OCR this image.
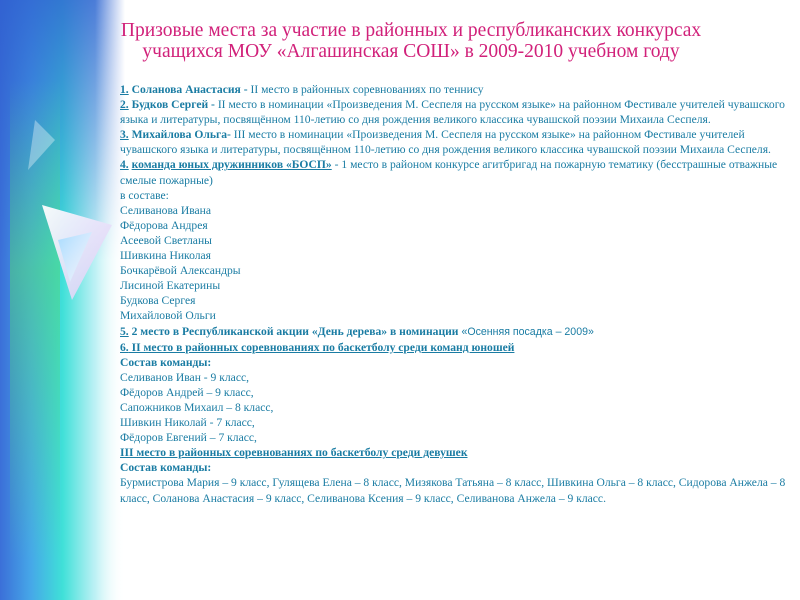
Призовые места за участие в районных и республиканских конкурсах
учащихся МОУ «Алгашинская СОШ» в 2009-2010 учебном году

1. Соланова Анастасия - II место в районных соревнованиях по теннису

2. Будков Сергей - II место в номинации «Произведения М. Сеспеля на русском языке» на районном Фестивале учителей чувашского языка и литературы, посвящённом 110-летию со дня рождения великого классика чувашской поэзии Михаила Сеспеля.

3. Михайлова Ольга- III место в номинации «Произведения М. Сеспеля на русском языке» на районном Фестивале учителей чувашского языка и литературы, посвящённом 110-летию со дня рождения великого классика чувашской поэзии Михаила Сеспеля.

4. команда юных дружинников «БОСП» - 1 место в районом конкурсе агитбригад на пожарную тематику (бесстрашные отважные смелые пожарные)

в составе:

Селиванова Ивана

Фёдорова Андрея

Асеевой Светланы

Шивкина Николая

Бочкарёвой Александры

Лисиной Екатерины

Будкова Сергея

Михайловой Ольги

5. 2 место в Республиканской акции «День дерева» в номинации «Осенняя посадка – 2009»

6. II место в районных соревнованиях по баскетболу среди команд юношей

Состав команды:

Селиванов Иван - 9 класс,

Фёдоров Андрей – 9 класс,

Сапожников Михаил – 8 класс,

Шивкин Николай - 7 класс,

Фёдоров Евгений – 7 класс,

III место в районных соревнованиях по баскетболу среди девушек

Состав команды:

Бурмистрова Мария – 9 класс, Гулящева Елена – 8 класс, Мизякова Татьяна – 8 класс, Шивкина Ольга – 8 класс, Сидорова Анжела – 8 класс, Соланова Анастасия – 9 класс, Селиванова Ксения – 9 класс, Селиванова Анжела – 9 класс.
